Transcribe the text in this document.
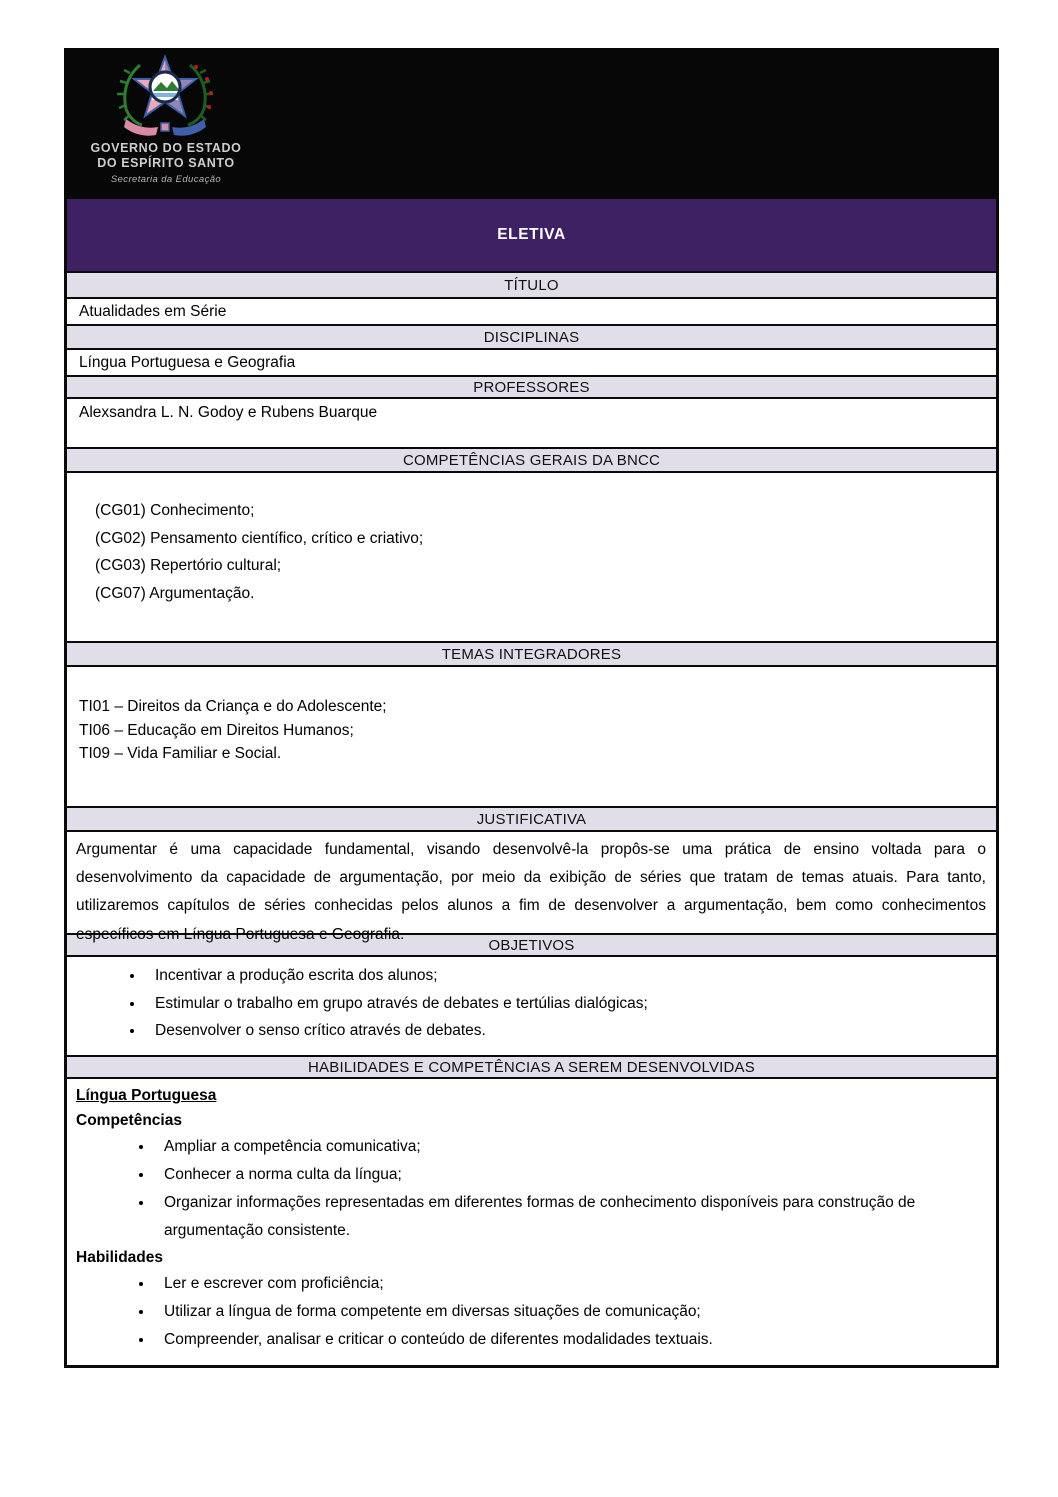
GOVERNO DO ESTADO
DO ESPÍRITO SANTO
Secretaria da Educação
ELETIVA
TÍTULO
Atualidades em Série
DISCIPLINAS
Língua Portuguesa e Geografia
PROFESSORES
Alexsandra L. N. Godoy e Rubens Buarque
COMPETÊNCIAS GERAIS DA BNCC
(CG01) Conhecimento;
(CG02) Pensamento científico, crítico e criativo;
(CG03) Repertório cultural;
(CG07) Argumentação.
TEMAS INTEGRADORES
TI01 – Direitos da Criança e do Adolescente;
TI06 – Educação em Direitos Humanos;
TI09 – Vida Familiar e Social.
JUSTIFICATIVA

Argumentar é uma capacidade fundamental, visando desenvolvê-la propôs-se uma prática de ensino voltada para o desenvolvimento da capacidade de argumentação, por meio da exibição de séries que tratam de temas atuais. Para tanto, utilizaremos capítulos de séries conhecidas pelos alunos a fim de desenvolver a argumentação, bem como conhecimentos específicos em Língua Portuguesa e Geografia.

OBJETIVOS
• Incentivar a produção escrita dos alunos;
• Estimular o trabalho em grupo através de debates e tertúlias dialógicas;
• Desenvolver o senso crítico através de debates.
HABILIDADES E COMPETÊNCIAS A SEREM DESENVOLVIDAS
Língua Portuguesa
Competências
• Ampliar a competência comunicativa;
• Conhecer a norma culta da língua;
• Organizar informações representadas em diferentes formas de conhecimento disponíveis para construção de argumentação consistente.
Habilidades
• Ler e escrever com proficiência;
• Utilizar a língua de forma competente em diversas situações de comunicação;
• Compreender, analisar e criticar o conteúdo de diferentes modalidades textuais.
